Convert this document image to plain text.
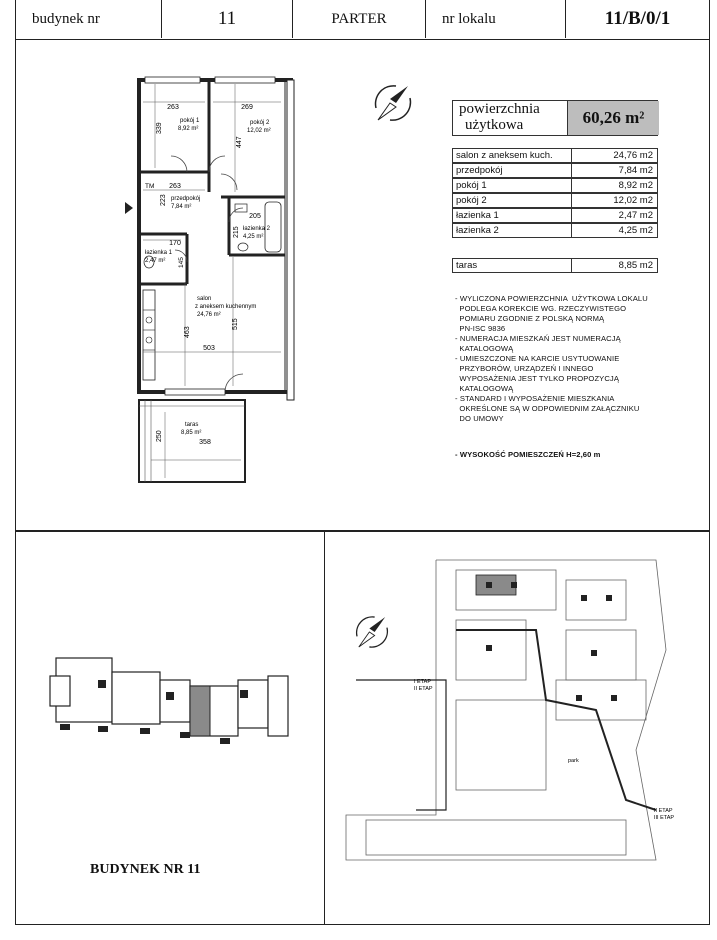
budynek nr	11	PARTER	nr lokalu	11/B/0/1
powierzchnia
użytkowa	60,26 m²
salon z aneksem kuch.	24,76 m2
przedpokój	7,84 m2
pokój 1	8,92 m2
pokój 2	12,02 m2
łazienka 1	2,47 m2
łazienka 2	4,25 m2
taras	8,85 m2
- WYLICZONA POWIERZCHNIA  UŻYTKOWA LOKALU
PODLEGA KOREKCIE WG. RZECZYWISTEGO
POMIARU ZGODNIE Z POLSKĄ NORMĄ
PN-ISC 9836
- NUMERACJA MIESZKAŃ JEST NUMERACJĄ
KATALOGOWĄ
- UMIESZCZONE NA KARCIE USYTUOWANIE
PRZYBORÓW, URZĄDZEŃ I INNEGO
WYPOSAŻENIA JEST TYLKO PROPOZYCJĄ
KATALOGOWĄ
- STANDARD I WYPOSAŻENIE MIESZKANIA
OKREŚLONE SĄ W ODPOWIEDNIM ZAŁĄCZNIKU
DO UMOWY
- WYSOKOŚĆ POMIESZCZEŃ H=2,60 m
263	269
339
447
TM 263
223
205
215
170
145
463
515
503
pokój 1
8,92 m²
pokój 2
12,02 m²
przedpokój
7,84 m²
łazienka 1
2,47 m²
łazienka 2
4,25 m²
salon
z aneksem kuchennym
24,76 m²
250
358
taras
8,85 m²
BUDYNEK NR 11
I ETAP
II ETAP
II ETAP
III ETAP
park
